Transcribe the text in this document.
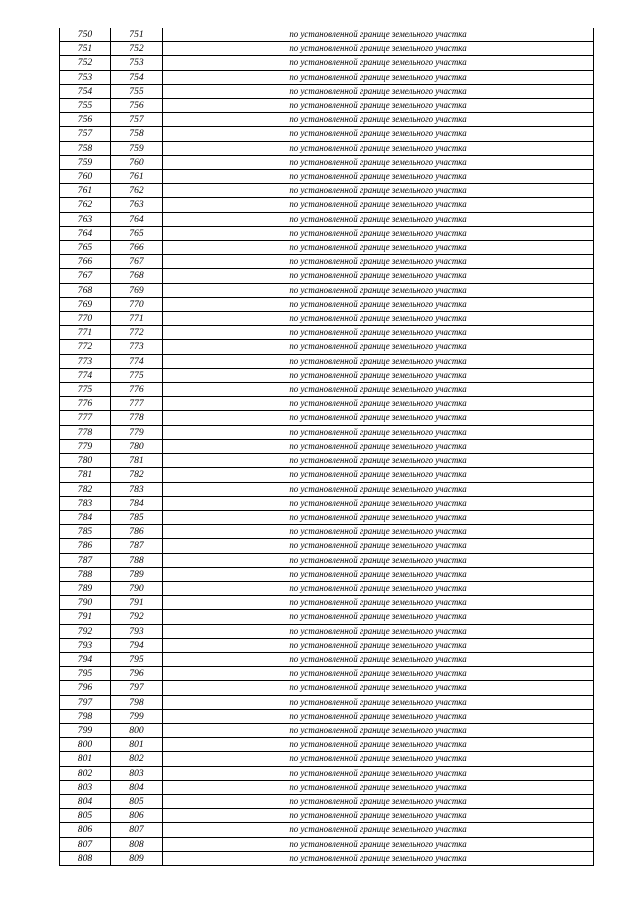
750	751	по установленной границе земельного участка
751	752	по установленной границе земельного участка
752	753	по установленной границе земельного участка
753	754	по установленной границе земельного участка
754	755	по установленной границе земельного участка
755	756	по установленной границе земельного участка
756	757	по установленной границе земельного участка
757	758	по установленной границе земельного участка
758	759	по установленной границе земельного участка
759	760	по установленной границе земельного участка
760	761	по установленной границе земельного участка
761	762	по установленной границе земельного участка
762	763	по установленной границе земельного участка
763	764	по установленной границе земельного участка
764	765	по установленной границе земельного участка
765	766	по установленной границе земельного участка
766	767	по установленной границе земельного участка
767	768	по установленной границе земельного участка
768	769	по установленной границе земельного участка
769	770	по установленной границе земельного участка
770	771	по установленной границе земельного участка
771	772	по установленной границе земельного участка
772	773	по установленной границе земельного участка
773	774	по установленной границе земельного участка
774	775	по установленной границе земельного участка
775	776	по установленной границе земельного участка
776	777	по установленной границе земельного участка
777	778	по установленной границе земельного участка
778	779	по установленной границе земельного участка
779	780	по установленной границе земельного участка
780	781	по установленной границе земельного участка
781	782	по установленной границе земельного участка
782	783	по установленной границе земельного участка
783	784	по установленной границе земельного участка
784	785	по установленной границе земельного участка
785	786	по установленной границе земельного участка
786	787	по установленной границе земельного участка
787	788	по установленной границе земельного участка
788	789	по установленной границе земельного участка
789	790	по установленной границе земельного участка
790	791	по установленной границе земельного участка
791	792	по установленной границе земельного участка
792	793	по установленной границе земельного участка
793	794	по установленной границе земельного участка
794	795	по установленной границе земельного участка
795	796	по установленной границе земельного участка
796	797	по установленной границе земельного участка
797	798	по установленной границе земельного участка
798	799	по установленной границе земельного участка
799	800	по установленной границе земельного участка
800	801	по установленной границе земельного участка
801	802	по установленной границе земельного участка
802	803	по установленной границе земельного участка
803	804	по установленной границе земельного участка
804	805	по установленной границе земельного участка
805	806	по установленной границе земельного участка
806	807	по установленной границе земельного участка
807	808	по установленной границе земельного участка
808	809	по установленной границе земельного участка
